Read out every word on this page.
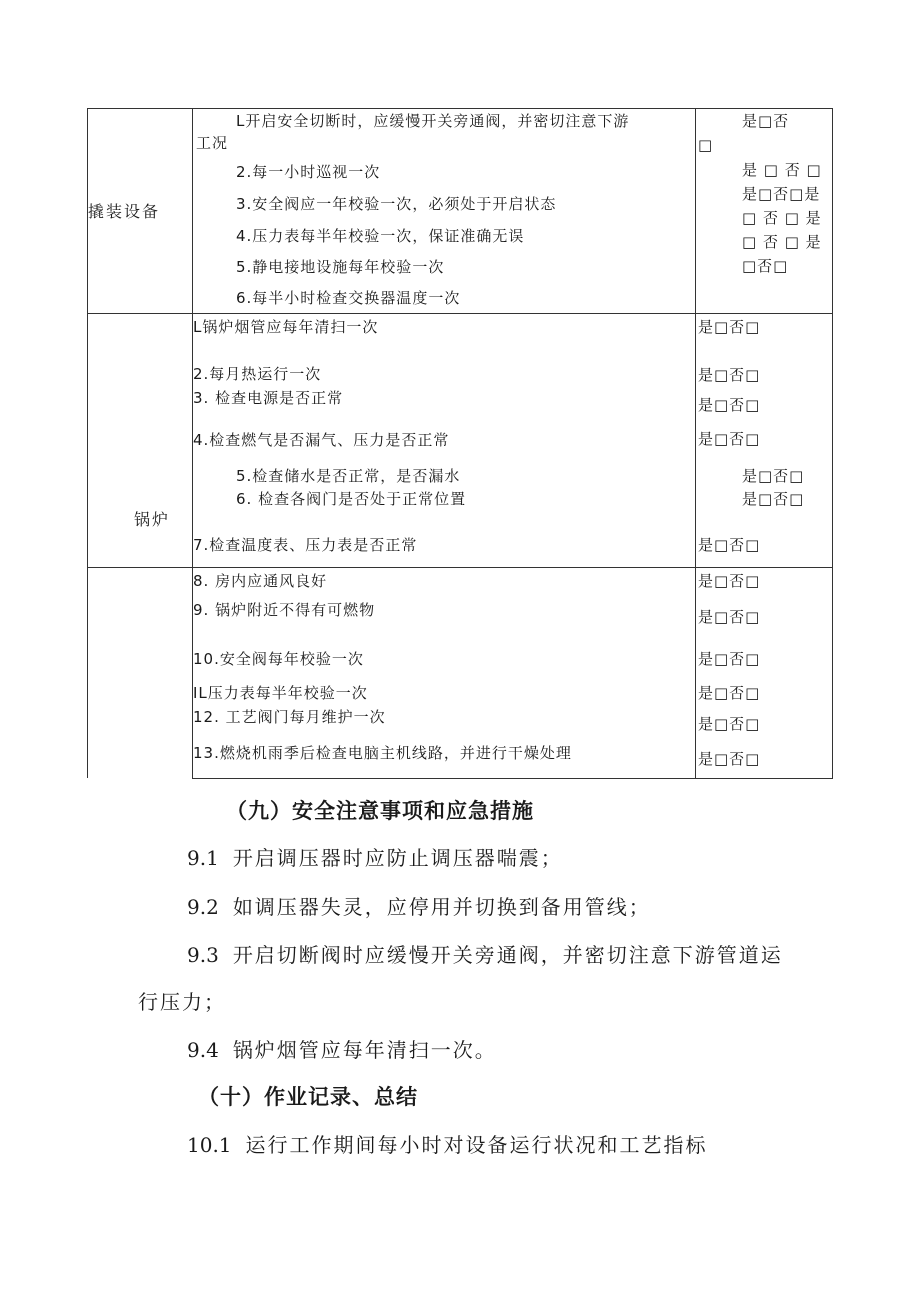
撬装设备
L开启安全切断时，应缓慢开关旁通阀，并密切注意下游
工况
2.每一小时巡视一次
3.安全阀应一年校验一次，必须处于开启状态
4.压力表每半年校验一次，保证准确无误
5.静电接地设施每年校验一次
6.每半小时检查交换器温度一次
是□否
□
是 □ 否 □
是□否□是
□ 否 □ 是
□ 否 □ 是
□否□
锅炉
L锅炉烟管应每年清扫一次
2.每月热运行一次
3. 检查电源是否正常
4.检查燃气是否漏气、压力是否正常
5.检查储水是否正常，是否漏水
6. 检查各阀门是否处于正常位置
7.检查温度表、压力表是否正常
是□否□
是□否□
是□否□
是□否□
是□否□
是□否□
是□否□
8. 房内应通风良好
9. 锅炉附近不得有可燃物
10.安全阀每年校验一次
IL压力表每半年校验一次
12. 工艺阀门每月维护一次
13.燃烧机雨季后检查电脑主机线路，并进行干燥处理
是□否□
是□否□
是□否□
是□否□
是□否□
是□否□
（九）安全注意事项和应急措施
9.1 开启调压器时应防止调压器喘震；
9.2 如调压器失灵，应停用并切换到备用管线；
9.3 开启切断阀时应缓慢开关旁通阀，并密切注意下游管道运
行压力；
9.4 锅炉烟管应每年清扫一次。
（十）作业记录、总结
10.1 运行工作期间每小时对设备运行状况和工艺指标
